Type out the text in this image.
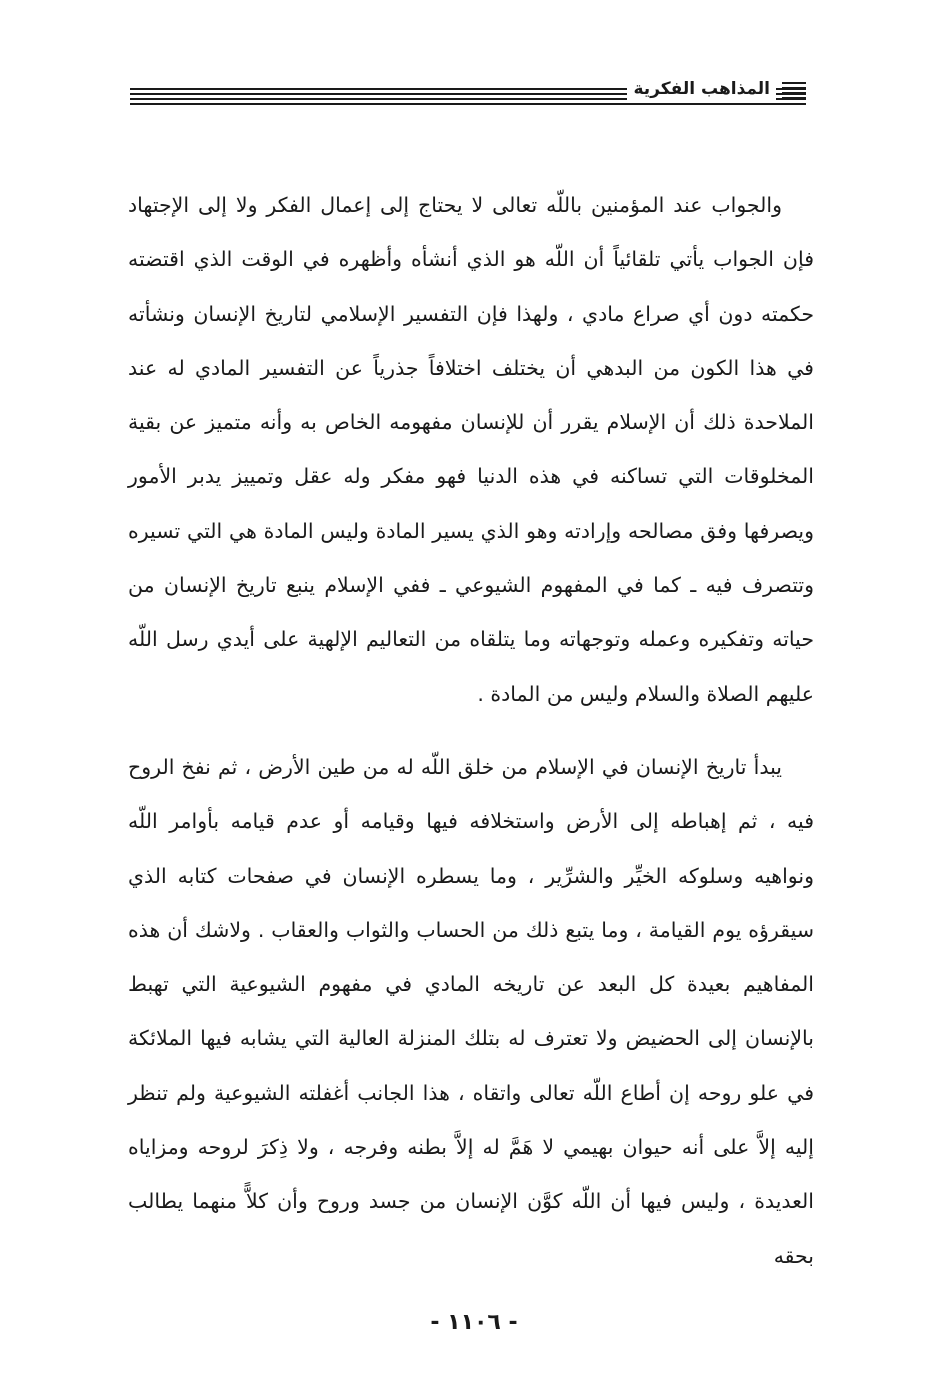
المذاهب الفكرية

والجواب عند المؤمنين باللّه تعالى لا يحتاج إلى إعمال الفكر ولا إلى الإجتهاد فإن الجواب يأتي تلقائياً أن اللّه هو الذي أنشأه وأظهره في الوقت الذي اقتضته حكمته دون أي صراع مادي ، ولهذا فإن التفسير الإسلامي لتاريخ الإنسان ونشأته في هذا الكون من البدهي أن يختلف اختلافاً جذرياً عن التفسير المادي له عند الملاحدة ذلك أن الإسلام يقرر أن للإنسان مفهومه الخاص به وأنه متميز عن بقية المخلوقات التي تساكنه في هذه الدنيا فهو مفكر وله عقل وتمييز يدبر الأمور ويصرفها وفق مصالحه وإرادته وهو الذي يسير المادة وليس المادة هي التي تسيره وتتصرف فيه ـ كما في المفهوم الشيوعي ـ ففي الإسلام ينبع تاريخ الإنسان من حياته وتفكيره وعمله وتوجهاته وما يتلقاه من التعاليم الإلهية على أيدي رسل اللّه عليهم الصلاة والسلام وليس من المادة .

يبدأ تاريخ الإنسان في الإسلام من خلق اللّه له من طين الأرض ، ثم نفخ الروح فيه ، ثم إهباطه إلى الأرض واستخلافه فيها وقيامه أو عدم قيامه بأوامر اللّه ونواهيه وسلوكه الخيِّر والشرِّير ، وما يسطره الإنسان في صفحات كتابه الذي سيقرؤه يوم القيامة ، وما يتبع ذلك من الحساب والثواب والعقاب . ولاشك أن هذه المفاهيم بعيدة كل البعد عن تاريخه المادي في مفهوم الشيوعية التي تهبط بالإنسان إلى الحضيض ولا تعترف له بتلك المنزلة العالية التي يشابه فيها الملائكة في علو روحه إن أطاع اللّه تعالى واتقاه ، هذا الجانب أغفلته الشيوعية ولم تنظر إليه إلاَّ على أنه حيوان بهيمي لا هَمَّ له إلاَّ بطنه وفرجه ، ولا ذِكرَ لروحه ومزاياه العديدة ، وليس فيها أن اللّه كوَّن الإنسان من جسد وروح وأن كلاًّ منهما يطالب بحقه

- ١١٠٦ -
